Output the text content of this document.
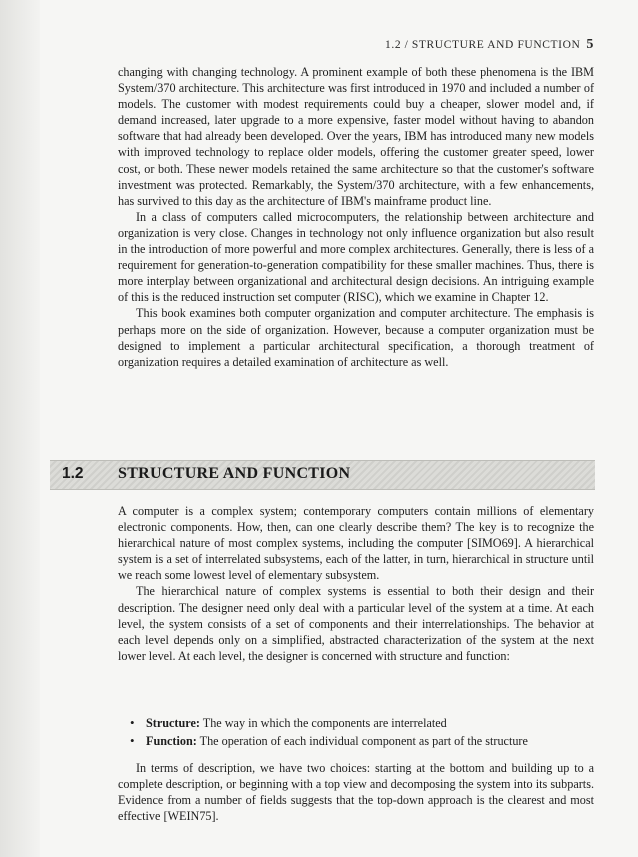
1.2 / STRUCTURE AND FUNCTION 5

changing with changing technology. A prominent example of both these phenomena is the IBM System/370 architecture. This architecture was first introduced in 1970 and included a number of models. The customer with modest requirements could buy a cheaper, slower model and, if demand increased, later upgrade to a more expensive, faster model without having to abandon software that had already been developed. Over the years, IBM has introduced many new models with improved technology to replace older models, offering the customer greater speed, lower cost, or both. These newer models retained the same architecture so that the customer's software investment was protected. Remarkably, the System/370 architecture, with a few enhancements, has survived to this day as the architecture of IBM's mainframe product line.

In a class of computers called microcomputers, the relationship between architecture and organization is very close. Changes in technology not only influence organization but also result in the introduction of more powerful and more complex architectures. Generally, there is less of a requirement for generation-to-generation compatibility for these smaller machines. Thus, there is more interplay between organizational and architectural design decisions. An intriguing example of this is the reduced instruction set computer (RISC), which we examine in Chapter 12.

This book examines both computer organization and computer architecture. The emphasis is perhaps more on the side of organization. However, because a computer organization must be designed to implement a particular architectural specification, a thorough treatment of organization requires a detailed examination of architecture as well.

1.2 STRUCTURE AND FUNCTION

A computer is a complex system; contemporary computers contain millions of elementary electronic components. How, then, can one clearly describe them? The key is to recognize the hierarchical nature of most complex systems, including the computer [SIMO69]. A hierarchical system is a set of interrelated subsystems, each of the latter, in turn, hierarchical in structure until we reach some lowest level of elementary subsystem.

The hierarchical nature of complex systems is essential to both their design and their description. The designer need only deal with a particular level of the system at a time. At each level, the system consists of a set of components and their interrelationships. The behavior at each level depends only on a simplified, abstracted characterization of the system at the next lower level. At each level, the designer is concerned with structure and function:

• Structure: The way in which the components are interrelated
• Function: The operation of each individual component as part of the structure

In terms of description, we have two choices: starting at the bottom and building up to a complete description, or beginning with a top view and decomposing the system into its subparts. Evidence from a number of fields suggests that the top-down approach is the clearest and most effective [WEIN75].
